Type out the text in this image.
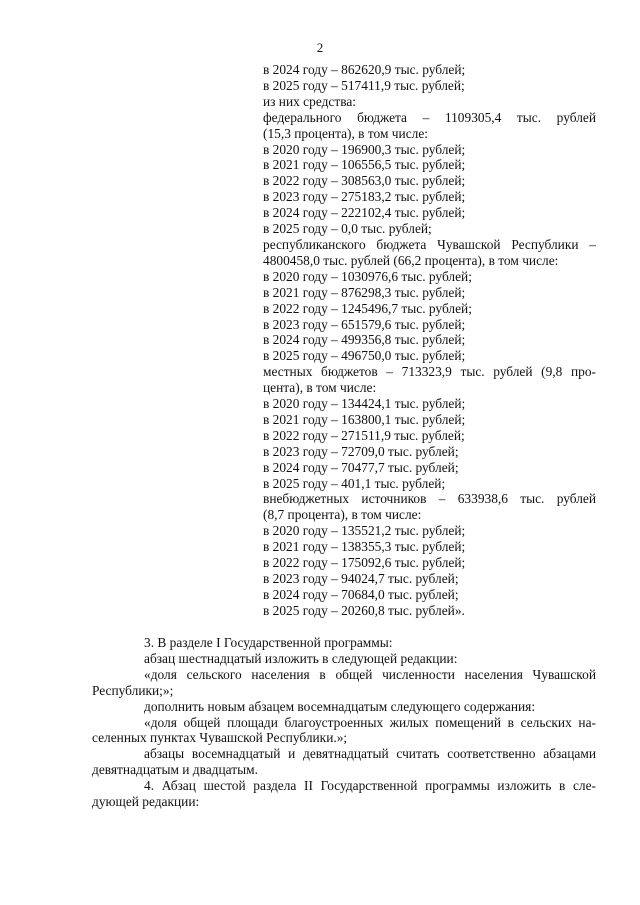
2
в 2024 году – 862620,9 тыс. рублей;
в 2025 году – 517411,9 тыс. рублей;
из них средства:
федерального бюджета – 1109305,4 тыс. рублей
(15,3 процента), в том числе:
в 2020 году – 196900,3 тыс. рублей;
в 2021 году – 106556,5 тыс. рублей;
в 2022 году – 308563,0 тыс. рублей;
в 2023 году – 275183,2 тыс. рублей;
в 2024 году – 222102,4 тыс. рублей;
в 2025 году – 0,0 тыс. рублей;
республиканского бюджета Чувашской Республики –
4800458,0 тыс. рублей (66,2 процента), в том числе:
в 2020 году – 1030976,6 тыс. рублей;
в 2021 году – 876298,3 тыс. рублей;
в 2022 году – 1245496,7 тыс. рублей;
в 2023 году – 651579,6 тыс. рублей;
в 2024 году – 499356,8 тыс. рублей;
в 2025 году – 496750,0 тыс. рублей;
местных бюджетов – 713323,9 тыс. рублей (9,8 про-
цента), в том числе:
в 2020 году – 134424,1 тыс. рублей;
в 2021 году – 163800,1 тыс. рублей;
в 2022 году – 271511,9 тыс. рублей;
в 2023 году – 72709,0 тыс. рублей;
в 2024 году – 70477,7 тыс. рублей;
в 2025 году – 401,1 тыс. рублей;
внебюджетных источников – 633938,6 тыс. рублей
(8,7 процента), в том числе:
в 2020 году – 135521,2 тыс. рублей;
в 2021 году – 138355,3 тыс. рублей;
в 2022 году – 175092,6 тыс. рублей;
в 2023 году – 94024,7 тыс. рублей;
в 2024 году – 70684,0 тыс. рублей;
в 2025 году – 20260,8 тыс. рублей».

3. В разделе I Государственной программы:

абзац шестнадцатый изложить в следующей редакции:

«доля сельского населения в общей численности населения Чувашской
Республики;»;

дополнить новым абзацем восемнадцатым следующего содержания:

«доля общей площади благоустроенных жилых помещений в сельских на-
селенных пунктах Чувашской Республики.»;

абзацы восемнадцатый и девятнадцатый считать соответственно абзацами
девятнадцатым и двадцатым.

4. Абзац шестой раздела II Государственной программы изложить в сле-
дующей редакции:
